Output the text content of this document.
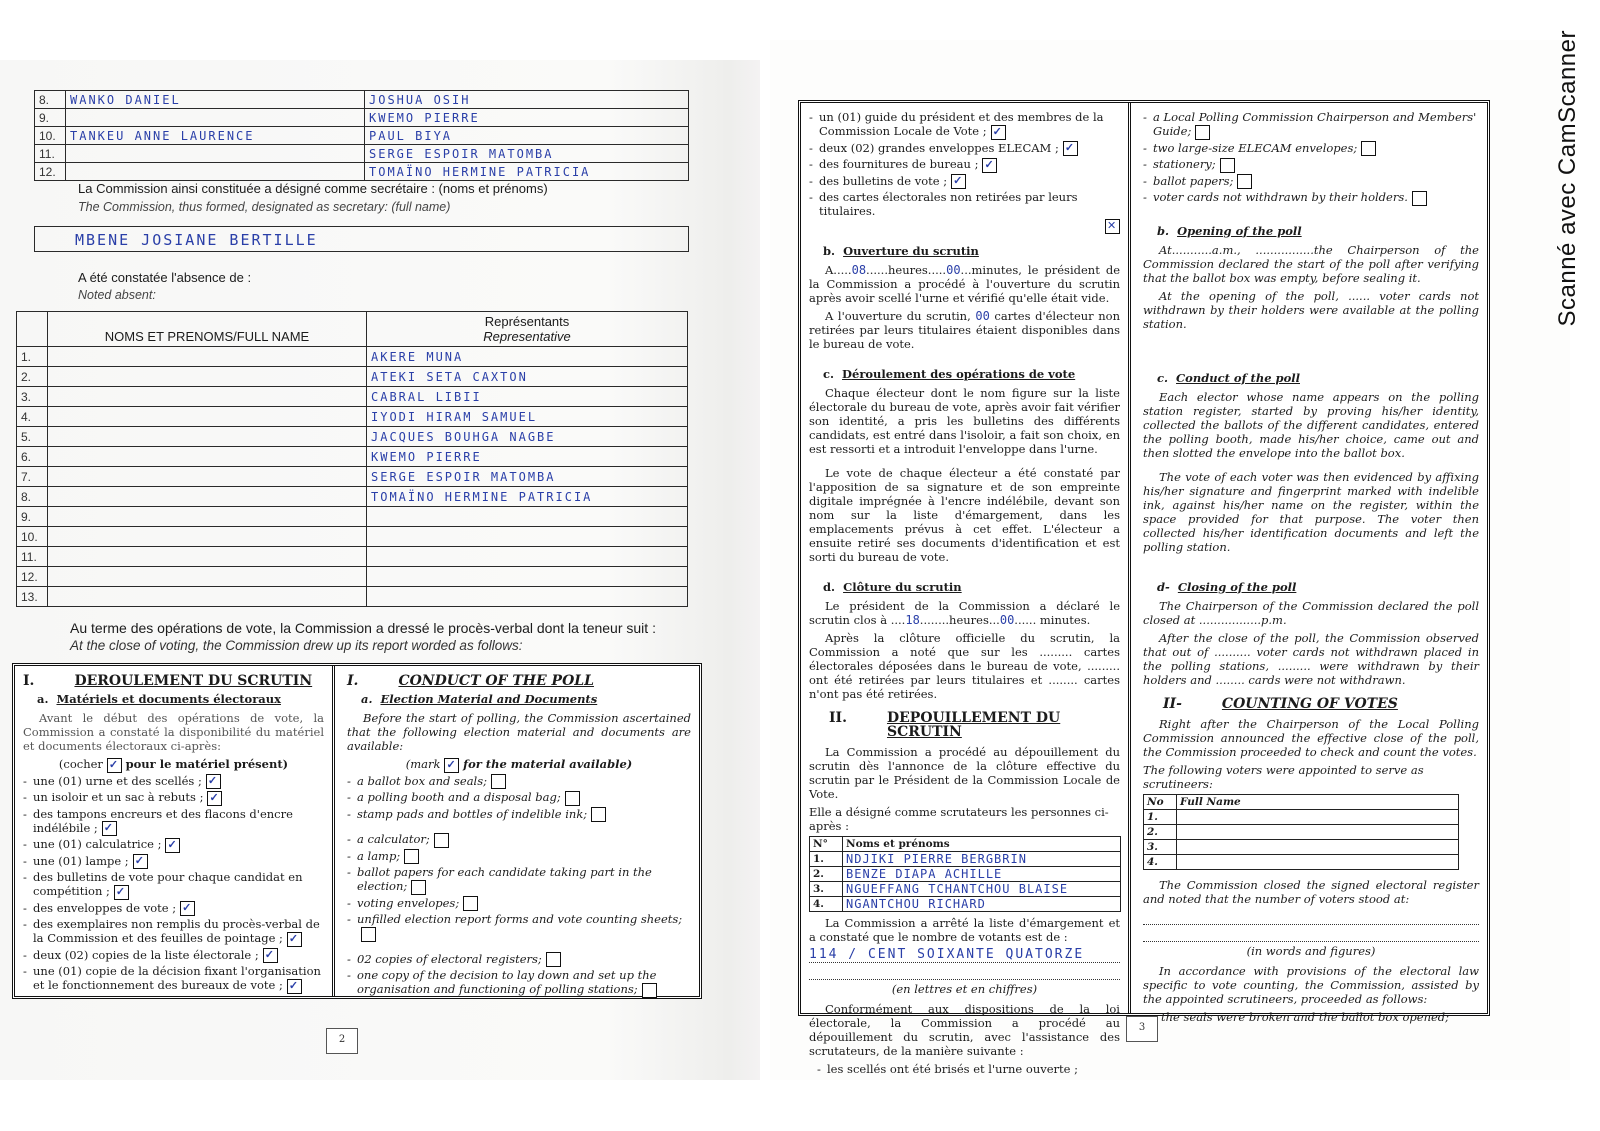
8.	WANKO DANIEL	JOSHUA OSIH
9.		KWEMO PIERRE
10.	TANKEU ANNE LAURENCE	PAUL BIYA
11.		SERGE ESPOIR MATOMBA
12.		TOMAÏNO HERMINE PATRICIA
La Commission ainsi constituée a désigné comme secrétaire : (noms et prénoms)
The Commission, thus formed, designated as secretary: (full name)
MBENE JOSIANE BERTILLE
A été constatée l'absence de :
Noted absent:
	NOMS ET PRENOMS/FULL NAME	Représentants
Representative

1.		AKERE MUNA
2.		ATEKI SETA CAXTON
3.		CABRAL LIBII
4.		IYODI HIRAM SAMUEL
5.		JACQUES BOUHGA NAGBE
6.		KWEMO PIERRE
7.		SERGE ESPOIR MATOMBA
8.		TOMAÏNO HERMINE PATRICIA
9.		
10.		
11.		
12.		
13.		
Au terme des opérations de vote, la Commission a dressé le procès-verbal dont la teneur suit :
At the close of voting, the Commission drew up its report worded as follows:
I.	DEROULEMENT DU SCRUTIN
a. Matériels et documents électoraux

Avant le début des opérations de vote, la Commission a constaté la disponibilité du matériel et documents électoraux ci-après:

(cocher ✓ pour le matériel présent)
- une (01) urne et des scellés ;✓
- un isoloir et un sac à rebuts ;✓
- des tampons encreurs et des flacons d'encre indélébile ;✓
- une (01) calculatrice ;✓
- une (01) lampe ;✓
- des bulletins de vote pour chaque candidat en compétition ;✓
- des enveloppes de vote ;✓
- des exemplaires non remplis du procès-verbal de la Commission et des feuilles de pointage ;✓
- deux (02) copies de la liste électorale ;✓
- une (01) copie de la décision fixant l'organisation et le fonctionnement des bureaux de vote ;✓
I.	CONDUCT OF THE POLL
a. Election Material and Documents

Before the start of polling, the Commission ascertained that the following election material and documents are available:

(mark ✓ for the material available)
- a ballot box and seals;
- a polling booth and a disposal bag;
- stamp pads and bottles of indelible ink;
- a calculator;
- a lamp;
- ballot papers for each candidate taking part in the election;
- voting envelopes;
- unfilled election report forms and vote counting sheets;
- 02 copies of electoral registers;
- one copy of the decision to lay down and set up the organisation and functioning of polling stations;
2
- un (01) guide du président et des membres de la Commission Locale de Vote ;✓
- deux (02) grandes enveloppes ELECAM ;✓
- des fournitures de bureau ;✓
- des bulletins de vote ;✓
- des cartes électorales non retirées par leurs titulaires.
✕
b. Ouverture du scrutin

A.....08......heures.....00...minutes, le président de la Commission a procédé à l'ouverture du scrutin après avoir scellé l'urne et vérifié qu'elle était vide.

A l'ouverture du scrutin, 00 cartes d'électeur non retirées par leurs titulaires étaient disponibles dans le bureau de vote.

c. Déroulement des opérations de vote

Chaque électeur dont le nom figure sur la liste électorale du bureau de vote, après avoir fait vérifier son identité, a pris les bulletins des différents candidats, est entré dans l'isoloir, a fait son choix, en est ressorti et a introduit l'enveloppe dans l'urne.

Le vote de chaque électeur a été constaté par l'apposition de sa signature et de son empreinte digitale imprégnée à l'encre indélébile, devant son nom sur la liste d'émargement, dans les emplacements prévus à cet effet. L'électeur a ensuite retiré ses documents d'identification et est sorti du bureau de vote.

d. Clôture du scrutin

Le président de la Commission a déclaré le scrutin clos à ....18........heures...00...... minutes.

Après la clôture officielle du scrutin, la Commission a noté que sur les ......... cartes électorales déposées dans le bureau de vote, ......... ont été retirées par leurs titulaires et ........ cartes n'ont pas été retirées.

II.	DEPOUILLEMENT DU SCRUTIN

La Commission a procédé au dépouillement du scrutin dès l'annonce de la clôture effective du scrutin par le Président de la Commission Locale de Vote.

Elle a désigné comme scrutateurs les personnes ci-après :
N°	Noms et prénoms
1.	NDJIKI PIERRE BERGBRIN
2.	BENZE DIAPA ACHILLE
3.	NGUEFFANG TCHANTCHOU BLAISE
4.	NGANTCHOU RICHARD

La Commission a arrêté la liste d'émargement et a constaté que le nombre de votants est de :

114 / CENT SOIXANTE QUATORZE
(en lettres et en chiffres)

Conformément aux dispositions de la loi électorale, la Commission a procédé au dépouillement du scrutin, avec l'assistance des scrutateurs, de la manière suivante :

- les scellés ont été brisés et l'urne ouverte ;
- a Local Polling Commission Chairperson and Members' Guide;
- two large-size ELECAM envelopes;
- stationery;
- ballot papers;
- voter cards not withdrawn by their holders.
b. Opening of the poll

At...........a.m., ................the Chairperson of the Commission declared the start of the poll after verifying that the ballot box was empty, before sealing it.

At the opening of the poll, ...... voter cards not withdrawn by their holders were available at the polling station.

c. Conduct of the poll

Each elector whose name appears on the polling station register, started by proving his/her identity, collected the ballots of the different candidates, entered the polling booth, made his/her choice, came out and then slotted the envelope into the ballot box.

The vote of each voter was then evidenced by affixing his/her signature and fingerprint marked with indelible ink, against his/her name on the register, within the space provided for that purpose. The voter then collected his/her identification documents and left the polling station.

d- Closing of the poll

The Chairperson of the Commission declared the poll closed at .................p.m.

After the close of the poll, the Commission observed that out of .......... voter cards not withdrawn placed in the polling stations, ......... were withdrawn by their holders and ........ cards were not withdrawn.

II-	COUNTING OF VOTES

Right after the Chairperson of the Local Polling Commission announced the effective close of the poll, the Commission proceeded to check and count the votes.

The following voters were appointed to serve as scrutineers:
No	Full Name
1.	
2.	
3.	
4.	

The Commission closed the signed electoral register and noted that the number of voters stood at:

(in words and figures)

In accordance with provisions of the electoral law specific to vote counting, the Commission, assisted by the appointed scrutineers, proceeded as follows:

- the seals were broken and the ballot box opened;
3
Scanné avec CamScanner
